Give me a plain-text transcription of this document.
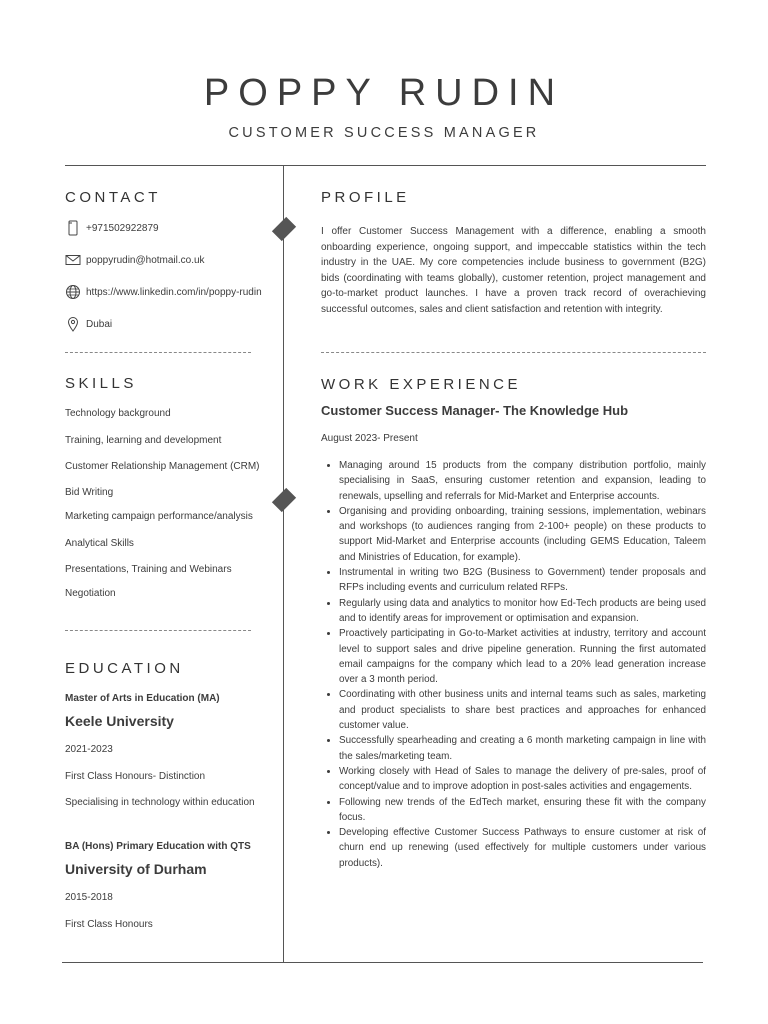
POPPY RUDIN
CUSTOMER SUCCESS MANAGER
CONTACT
+971502922879
poppyrudin@hotmail.co.uk
https://www.linkedin.com/in/poppy-rudin
Dubai
SKILLS
Technology background
Training, learning and development
Customer Relationship Management (CRM)
Bid Writing
Marketing campaign performance/analysis
Analytical Skills
Presentations, Training and Webinars
Negotiation
EDUCATION
Master of Arts in Education (MA)
Keele University
2021-2023
First Class Honours- Distinction
Specialising in technology within education
BA (Hons) Primary Education with QTS
University of Durham
2015-2018
First Class Honours
PROFILE
I offer Customer Success Management with a difference, enabling a smooth onboarding experience, ongoing support, and impeccable statistics within the tech industry in the UAE. My core competencies include business to government (B2G) bids (coordinating with teams globally), customer retention, project management and go-to-market product launches. I have a proven track record of overachieving successful outcomes, sales and client satisfaction and retention with integrity.
WORK EXPERIENCE
Customer Success Manager- The Knowledge Hub
August 2023- Present
• Managing around 15 products from the company distribution portfolio, mainly specialising in SaaS, ensuring customer retention and expansion, leading to renewals, upselling and referrals for Mid-Market and Enterprise accounts.
• Organising and providing onboarding, training sessions, implementation, webinars and workshops (to audiences ranging from 2-100+ people) on these products to support Mid-Market and Enterprise accounts (including GEMS Education, Taleem and Ministries of Education, for example).
• Instrumental in writing two B2G (Business to Government) tender proposals and RFPs including events and curriculum related RFPs.
• Regularly using data and analytics to monitor how Ed-Tech products are being used and to identify areas for improvement or optimisation and expansion.
• Proactively participating in Go-to-Market activities at industry, territory and account level to support sales and drive pipeline generation. Running the first automated email campaigns for the company which lead to a 20% lead generation increase over a 3 month period.
• Coordinating with other business units and internal teams such as sales, marketing and product specialists to share best practices and approaches for enhanced customer value.
• Successfully spearheading and creating a 6 month marketing campaign in line with the sales/marketing team.
• Working closely with Head of Sales to manage the delivery of pre-sales, proof of concept/value and to improve adoption in post-sales activities and engagements.
• Following new trends of the EdTech market, ensuring these fit with the company focus.
• Developing effective Customer Success Pathways to ensure customer at risk of churn end up renewing (used effectively for multiple customers under various products).
